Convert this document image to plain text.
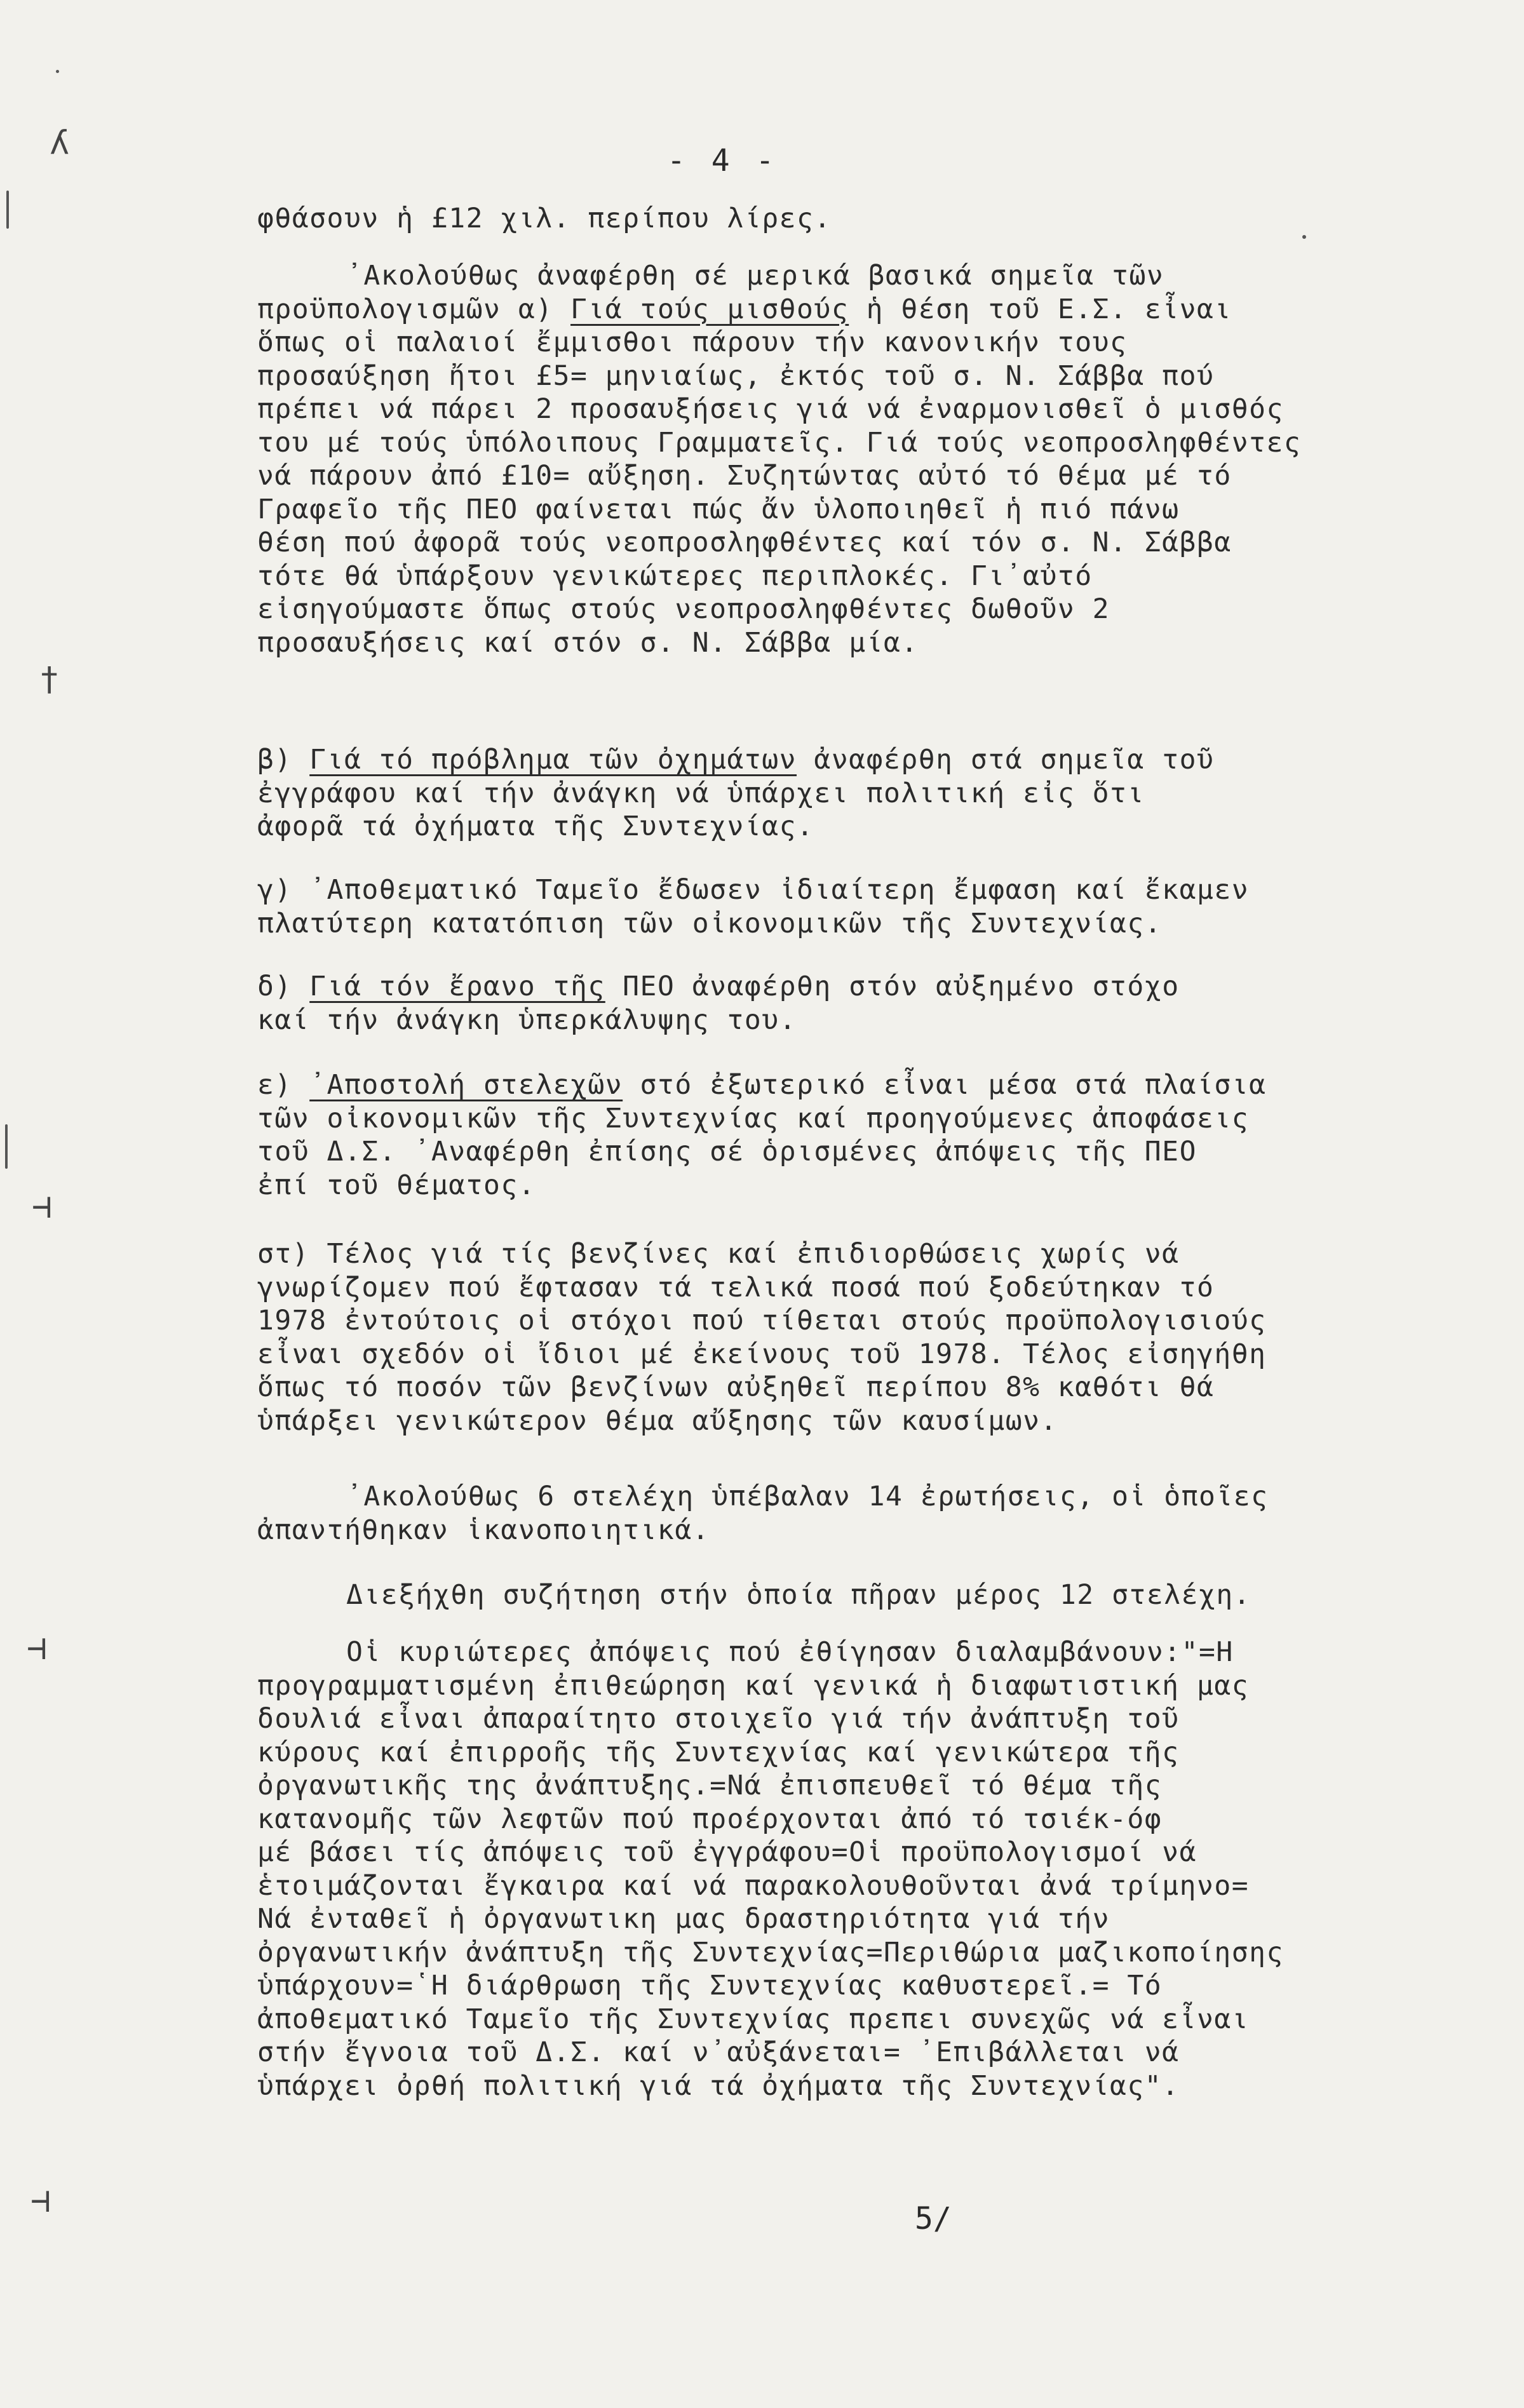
- 4 -
φθάσουν ἡ £12 χιλ. περίπου λίρες.
᾿Ακολούθως ἀναφέρθη σέ μερικά βασικά σημεῖα τῶν
προϋπολογισμῶν α) Γιά τούς μισθούς ἡ θέση τοῦ Ε.Σ. εἶναι
ὅπως οἱ παλαιοί ἔμμισθοι πάρουν τήν κανονικήν τους
προσαύξηση ἤτοι £5= μηνιαίως, ἐκτός τοῦ σ. Ν. Σάββα πού
πρέπει νά πάρει 2 προσαυξήσεις γιά νά ἐναρμονισθεῖ ὁ μισθός
του μέ τούς ὑπόλοιπους Γραμματεῖς. Γιά τούς νεοπροσληφθέντες
νά πάρουν ἀπό £10= αὔξηση. Συζητώντας αὐτό τό θέμα μέ τό
Γραφεῖο τῆς ΠΕΟ φαίνεται πώς ἄν ὑλοποιηθεῖ ἡ πιό πάνω
θέση πού ἀφορᾶ τούς νεοπροσληφθέντες καί τόν σ. Ν. Σάββα
τότε θά ὑπάρξουν γενικώτερες περιπλοκές. Γι᾿αὐτό
εἰσηγούμαστε ὅπως στούς νεοπροσληφθέντες δωθοῦν 2
προσαυξήσεις καί στόν σ. Ν. Σάββα μία.
β) Γιά τό πρόβλημα τῶν ὀχημάτων ἀναφέρθη στά σημεῖα τοῦ
ἐγγράφου καί τήν ἀνάγκη νά ὑπάρχει πολιτική εἰς ὅτι
ἀφορᾶ τά ὀχήματα τῆς Συντεχνίας.
γ) ᾿Αποθεματικό Ταμεῖο ἔδωσεν ἰδιαίτερη ἔμφαση καί ἔκαμεν
πλατύτερη κατατόπιση τῶν οἰκονομικῶν τῆς Συντεχνίας.
δ) Γιά τόν ἔρανο τῆς ΠΕΟ ἀναφέρθη στόν αὐξημένο στόχο
καί τήν ἀνάγκη ὑπερκάλυψης του.
ε) ᾿Αποστολή στελεχῶν στό ἐξωτερικό εἶναι μέσα στά πλαίσια
τῶν οἰκονομικῶν τῆς Συντεχνίας καί προηγούμενες ἀποφάσεις
τοῦ Δ.Σ. ᾿Αναφέρθη ἐπίσης σέ ὁρισμένες ἀπόψεις τῆς ΠΕΟ
ἐπί τοῦ θέματος.
στ) Τέλος γιά τίς βενζίνες καί ἐπιδιορθώσεις χωρίς νά
γνωρίζομεν πού ἔφτασαν τά τελικά ποσά πού ξοδεύτηκαν τό
1978 ἐντούτοις οἱ στόχοι πού τίθεται στούς προϋπολογισιούς
εἶναι σχεδόν οἱ ἴδιοι μέ ἐκείνους τοῦ 1978. Τέλος εἰσηγήθη
ὅπως τό ποσόν τῶν βενζίνων αὐξηθεῖ περίπου 8% καθότι θά
ὑπάρξει γενικώτερον θέμα αὔξησης τῶν καυσίμων.
᾿Ακολούθως 6 στελέχη ὑπέβαλαν 14 ἐρωτήσεις, οἱ ὁποῖες
ἀπαντήθηκαν ἱκανοποιητικά.
Διεξήχθη συζήτηση στήν ὁποία πῆραν μέρος 12 στελέχη.
Οἱ κυριώτερες ἀπόψεις πού ἐθίγησαν διαλαμβάνουν:"=Η
προγραμματισμένη ἐπιθεώρηση καί γενικά ἡ διαφωτιστική μας
δουλιά εἶναι ἀπαραίτητο στοιχεῖο γιά τήν ἀνάπτυξη τοῦ
κύρους καί ἐπιρροῆς τῆς Συντεχνίας καί γενικώτερα τῆς
ὀργανωτικῆς της ἀνάπτυξης.=Νά ἐπισπευθεῖ τό θέμα τῆς
κατανομῆς τῶν λεφτῶν πού προέρχονται ἀπό τό τσιέκ-όφ
μέ βάσει τίς ἀπόψεις τοῦ ἐγγράφου=Οἱ προϋπολογισμοί νά
ἑτοιμάζονται ἔγκαιρα καί νά παρακολουθοῦνται ἀνά τρίμηνο=
Νά ἐνταθεῖ ἡ ὀργανωτικη μας δραστηριότητα γιά τήν
ὀργανωτικήν ἀνάπτυξη τῆς Συντεχνίας=Περιθώρια μαζικοποίησης
ὑπάρχουν=῾Η διάρθρωση τῆς Συντεχνίας καθυστερεῖ.= Τό
ἀποθεματικό Ταμεῖο τῆς Συντεχνίας πρεπει συνεχῶς νά εἶναι
στήν ἔγνοια τοῦ Δ.Σ. καί ν᾿αὐξάνεται= ᾿Επιβάλλεται νά
ὑπάρχει ὀρθή πολιτική γιά τά ὀχήματα τῆς Συντεχνίας".
5/
ʎ
†
⊣
⊣
⊣
